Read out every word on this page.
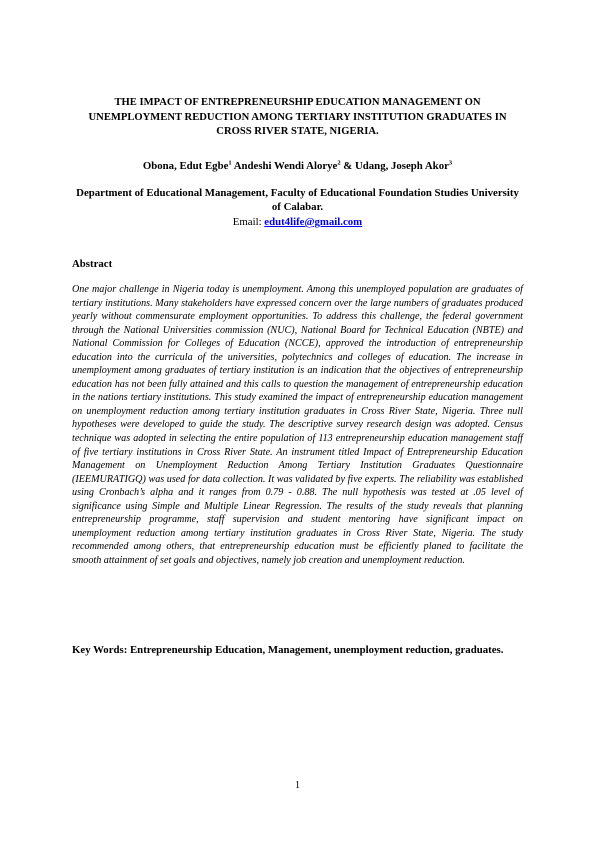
THE IMPACT OF ENTREPRENEURSHIP EDUCATION MANAGEMENT ON UNEMPLOYMENT REDUCTION AMONG TERTIARY INSTITUTION GRADUATES IN CROSS RIVER STATE, NIGERIA.

Obona, Edut Egbe$^1$ Andeshi Wendi Alorye$^2$ & Udang, Joseph Akor$^3$

Department of Educational Management, Faculty of Educational Foundation Studies University of Calabar.

Email: edut4life@gmail.com

Abstract

One major challenge in Nigeria today is unemployment. Among this unemployed population are graduates of tertiary institutions. Many stakeholders have expressed concern over the large numbers of graduates produced yearly without commensurate employment opportunities. To address this challenge, the federal government through the National Universities commission (NUC), National Board for Technical Education (NBTE) and National Commission for Colleges of Education (NCCE), approved the introduction of entrepreneurship education into the curricula of the universities, polytechnics and colleges of education. The increase in unemployment among graduates of tertiary institution is an indication that the objectives of entrepreneurship education has not been fully attained and this calls to question the management of entrepreneurship education in the nations tertiary institutions. This study examined the impact of entrepreneurship education management on unemployment reduction among tertiary institution graduates in Cross River State, Nigeria. Three null hypotheses were developed to guide the study. The descriptive survey research design was adopted. Census technique was adopted in selecting the entire population of 113 entrepreneurship education management staff of five tertiary institutions in Cross River State. An instrument titled Impact of Entrepreneurship Education Management on Unemployment Reduction Among Tertiary Institution Graduates Questionnaire (IEEMURATIGQ) was used for data collection. It was validated by five experts. The reliability was established using Cronbach’s alpha and it ranges from 0.79 - 0.88. The null hypothesis was tested at .05 level of significance using Simple and Multiple Linear Regression. The results of the study reveals that planning entrepreneurship programme, staff supervision and student mentoring have significant impact on unemployment reduction among tertiary institution graduates in Cross River State, Nigeria. The study recommended among others, that entrepreneurship education must be efficiently planed to facilitate the smooth attainment of set goals and objectives, namely job creation and unemployment reduction.

Key Words: Entrepreneurship Education, Management, unemployment reduction, graduates.

1
